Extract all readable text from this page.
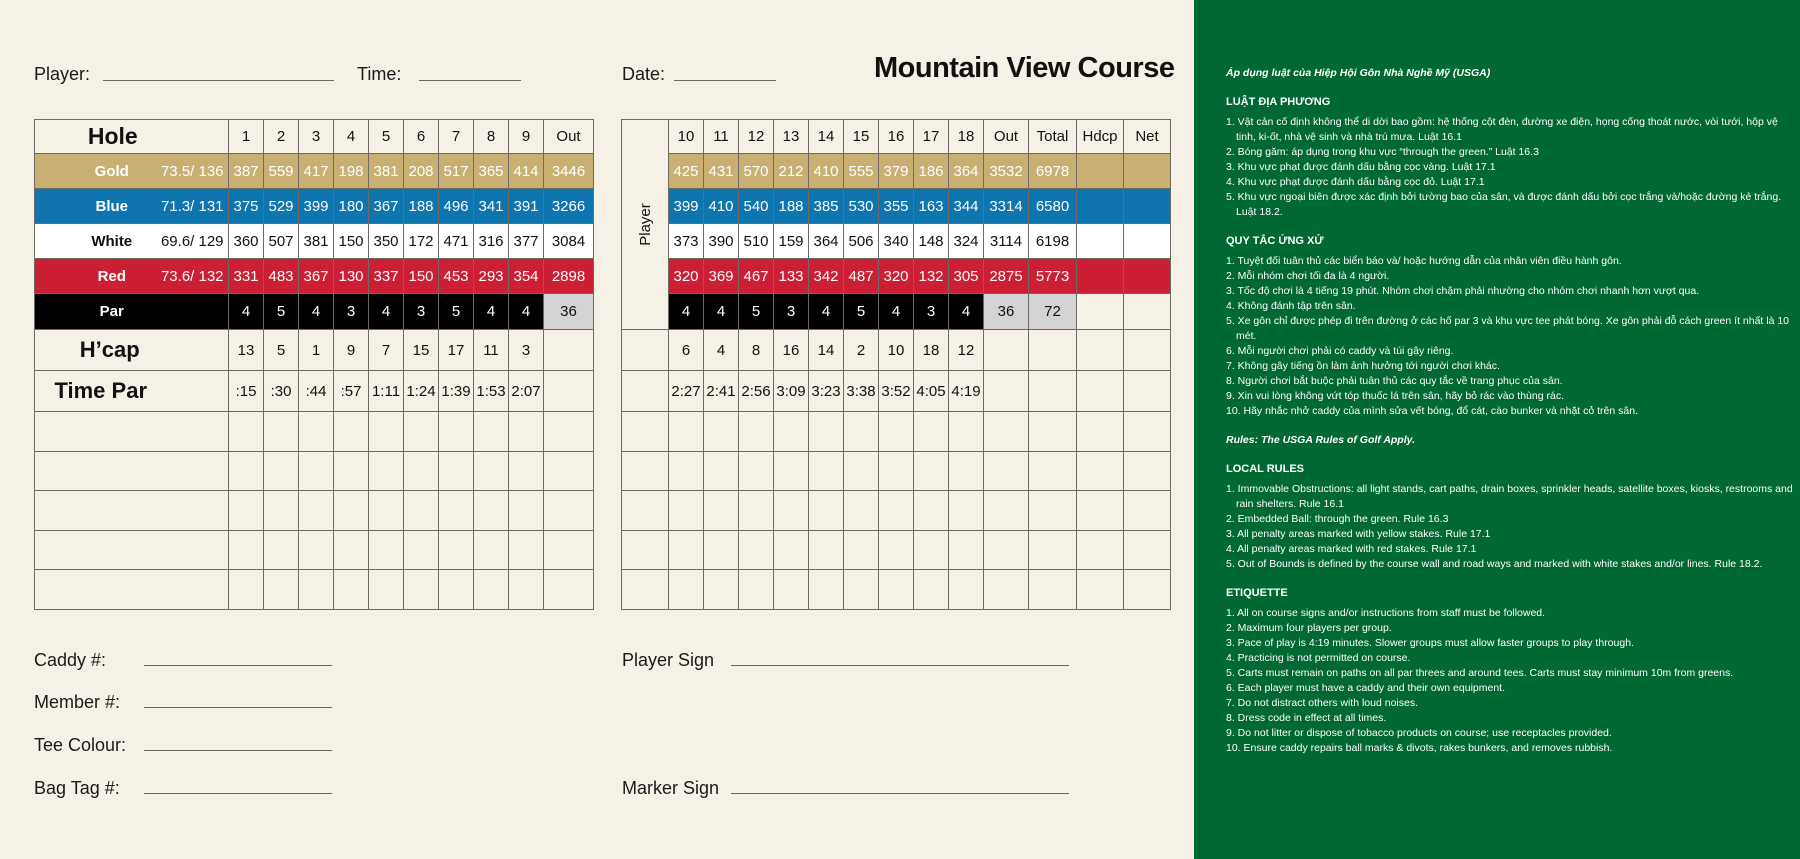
Player:	Time:	Date:	Mountain View Course
Hole		1	2	3	4	5	6	7	8	9	Out
Gold	73.5/ 136	387	559	417	198	381	208	517	365	414	3446
Blue	71.3/ 131	375	529	399	180	367	188	496	341	391	3266
White	69.6/ 129	360	507	381	150	350	172	471	316	377	3084
Red	73.6/ 132	331	483	367	130	337	150	453	293	354	2898
Par		4	5	4	3	4	3	5	4	4	36
H’cap		13	5	1	9	7	15	17	11	3	
Time Par		:15	:30	:44	:57	1:11	1:24	1:39	1:53	2:07	

Player	10	11	12	13	14	15	16	17	18	Out	Total	Hdcp	Net
	425	431	570	212	410	555	379	186	364	3532	6978		
	399	410	540	188	385	530	355	163	344	3314	6580		
	373	390	510	159	364	506	340	148	324	3114	6198		
	320	369	467	133	342	487	320	132	305	2875	5773		
	4	4	5	3	4	5	4	3	4	36	72		
	6	4	8	16	14	2	10	18	12				
	2:27	2:41	2:56	3:09	3:23	3:38	3:52	4:05	4:19				

Caddy #:
Member #:
Tee Colour:
Bag Tag #:
Player Sign
Marker Sign
Áp dụng luật của Hiệp Hội Gôn Nhà Nghề Mỹ (USGA)
LUẬT ĐỊA PHƯƠNG
1. Vật cản cố định không thể di dời bao gồm: hệ thống cột đèn, đường xe điện, họng cống thoát nước, vòi tưới, hộp vệ tinh, ki-ốt, nhà vệ sinh và nhà trú mưa. Luật 16.1
2. Bóng găm: áp dụng trong khu vực “through the green.” Luật 16.3
3. Khu vực phạt được đánh dấu bằng cọc vàng. Luật 17.1
4. Khu vực phạt được đánh dấu bằng cọc đỏ. Luật 17.1
5. Khu vực ngoại biên được xác định bởi tường bao của sân, và được đánh dấu bởi cọc trắng và/hoặc đường kẻ trắng. Luật 18.2.
QUY TẮC ỨNG XỬ
1. Tuyệt đối tuân thủ các biển báo và/ hoặc hướng dẫn của nhân viên điều hành gôn.
2. Mỗi nhóm chơi tối đa là 4 người.
3. Tốc độ chơi là 4 tiếng 19 phút. Nhóm chơi chậm phải nhường cho nhóm chơi nhanh hơn vượt qua.
4. Không đánh tập trên sân.
5. Xe gôn chỉ được phép đi trên đường ở các hố par 3 và khu vực tee phát bóng. Xe gôn phải đỗ cách green ít nhất là 10 mét.
6. Mỗi người chơi phải có caddy và túi gậy riêng.
7. Không gây tiếng ồn làm ảnh hưởng tới người chơi khác.
8. Người chơi bắt buộc phải tuân thủ các quy tắc về trang phục của sân.
9. Xin vui lòng không vứt tóp thuốc lá trên sân, hãy bỏ rác vào thùng rác.
10. Hãy nhắc nhở caddy của mình sửa vết bóng, đổ cát, cào bunker và nhặt cỏ trên sân.
Rules: The USGA Rules of Golf Apply.
LOCAL RULES
1. Immovable Obstructions: all light stands, cart paths, drain boxes, sprinkler heads, satellite boxes, kiosks, restrooms and rain shelters. Rule 16.1
2. Embedded Ball: through the green. Rule 16.3
3. All penalty areas marked with yellow stakes. Rule 17.1
4. All penalty areas marked with red stakes. Rule 17.1
5. Out of Bounds is defined by the course wall and road ways and marked with white stakes and/or lines. Rule 18.2.
ETIQUETTE
1. All on course signs and/or instructions from staff must be followed.
2. Maximum four players per group.
3. Pace of play is 4:19 minutes. Slower groups must allow faster groups to play through.
4. Practicing is not permitted on course.
5. Carts must remain on paths on all par threes and around tees. Carts must stay minimum 10m from greens.
6. Each player must have a caddy and their own equipment.
7. Do not distract others with loud noises.
8. Dress code in effect at all times.
9. Do not litter or dispose of tobacco products on course; use receptacles provided.
10. Ensure caddy repairs ball marks & divots, rakes bunkers, and removes rubbish.
